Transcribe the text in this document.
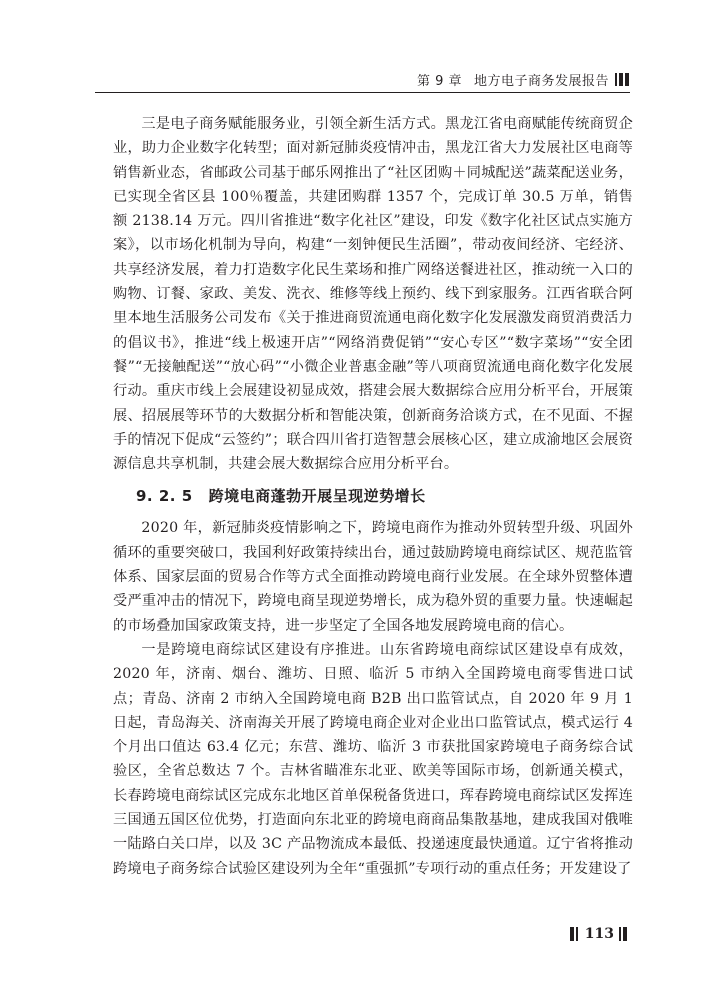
第 9 章 地方电子商务发展报告

三是电子商务赋能服务业，引领全新生活方式。黑龙江省电商赋能传统商贸企业，助力企业数字化转型；面对新冠肺炎疫情冲击，黑龙江省大力发展社区电商等销售新业态，省邮政公司基于邮乐网推出了“社区团购＋同城配送”蔬菜配送业务，已实现全省区县 100％覆盖，共建团购群 1357 个，完成订单 30.5 万单，销售额 2138.14 万元。四川省推进“数字化社区”建设，印发《数字化社区试点实施方案》，以市场化机制为导向，构建“一刻钟便民生活圈”，带动夜间经济、宅经济、共享经济发展，着力打造数字化民生菜场和推广网络送餐进社区，推动统一入口的购物、订餐、家政、美发、洗衣、维修等线上预约、线下到家服务。江西省联合阿里本地生活服务公司发布《关于推进商贸流通电商化数字化发展激发商贸消费活力的倡议书》，推进“线上极速开店”“网络消费促销”“安心专区”“数字菜场”“安全团餐”“无接触配送”“放心码”“小微企业普惠金融”等八项商贸流通电商化数字化发展行动。重庆市线上会展建设初显成效，搭建会展大数据综合应用分析平台，开展策展、招展展等环节的大数据分析和智能决策，创新商务洽谈方式，在不见面、不握手的情况下促成“云签约”；联合四川省打造智慧会展核心区，建立成渝地区会展资源信息共享机制，共建会展大数据综合应用分析平台。

9. 2. 5 跨境电商蓬勃开展呈现逆势增长

2020 年，新冠肺炎疫情影响之下，跨境电商作为推动外贸转型升级、巩固外循环的重要突破口，我国利好政策持续出台，通过鼓励跨境电商综试区、规范监管体系、国家层面的贸易合作等方式全面推动跨境电商行业发展。在全球外贸整体遭受严重冲击的情况下，跨境电商呈现逆势增长，成为稳外贸的重要力量。快速崛起的市场叠加国家政策支持，进一步坚定了全国各地发展跨境电商的信心。

一是跨境电商综试区建设有序推进。山东省跨境电商综试区建设卓有成效，2020 年，济南、烟台、潍坊、日照、临沂 5 市纳入全国跨境电商零售进口试点；青岛、济南 2 市纳入全国跨境电商 B2B 出口监管试点，自 2020 年 9 月 1 日起，青岛海关、济南海关开展了跨境电商企业对企业出口监管试点，模式运行 4 个月出口值达 63.4 亿元；东营、潍坊、临沂 3 市获批国家跨境电子商务综合试验区，全省总数达 7 个。吉林省瞄准东北亚、欧美等国际市场，创新通关模式，长春跨境电商综试区完成东北地区首单保税备货进口，珲春跨境电商综试区发挥连三国通五国区位优势，打造面向东北亚的跨境电商商品集散基地，建成我国对俄唯一陆路白关口岸，以及 3C 产品物流成本最低、投递速度最快通道。辽宁省将推动跨境电子商务综合试验区建设列为全年“重强抓”专项行动的重点任务；开发建设了

113
